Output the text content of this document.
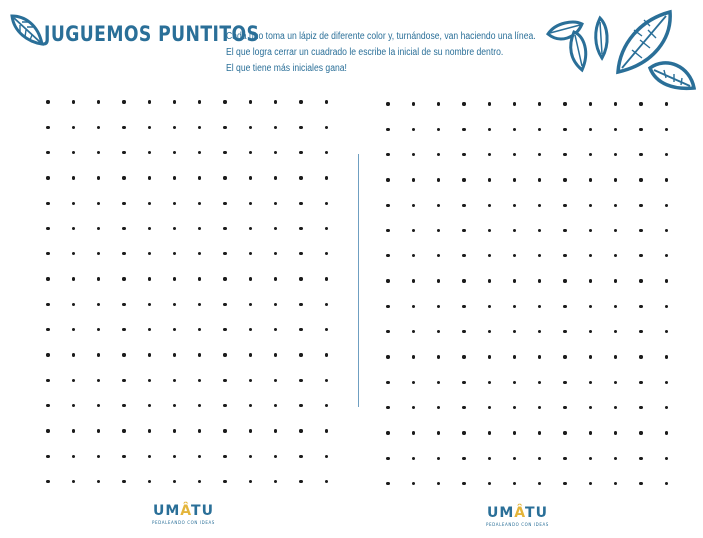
JUGUEMOS PUNTITOS
Cada uno toma un lápiz de diferente color y, turnándose, van haciendo una línea.
El que logra cerrar un cuadrado le escribe la inicial de su nombre dentro.
El que tiene más iniciales gana!
UMÂTU
PEDALEANDO CON IDEAS
UMÂTU
PEDALEANDO CON IDEAS
